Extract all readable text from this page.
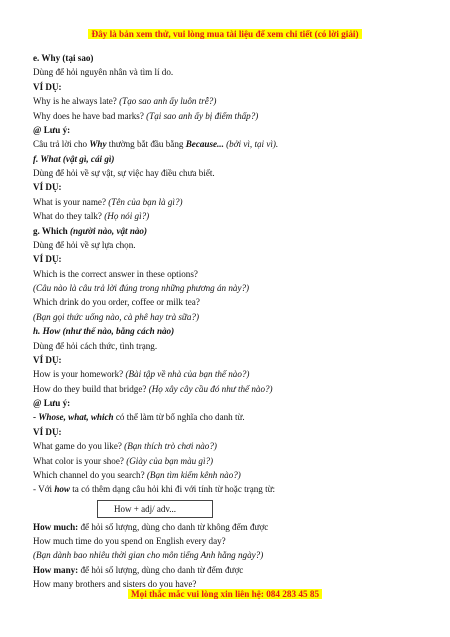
Đây là bản xem thử, vui lòng mua tài liệu để xem chi tiết (có lời giải)
e. Why (tại sao)
Dùng để hỏi nguyên nhân và tìm lí do.
VÍ DỤ:
Why is he always late? (Tạo sao anh ấy luôn trễ?)
Why does he have bad marks? (Tại sao anh ấy bị điểm thấp?)
@ Lưu ý:
Câu trả lời cho Why thường bắt đầu bằng Because... (bởi vì, tại vì).
f. What (vật gì, cái gì)
Dùng để hỏi về sự vật, sự việc hay điều chưa biết.
VÍ DỤ:
What is your name? (Tên của bạn là gì?)
What do they talk? (Họ nói gì?)
g. Which (người nào, vật nào)
Dùng để hỏi về sự lựa chọn.
VÍ DỤ:
Which is the correct answer in these options?
(Câu nào là câu trả lời đúng trong những phương án này?)
Which drink do you order, coffee or milk tea?
(Bạn gọi thức uống nào, cà phê hay trà sữa?)
h. How (như thế nào, bằng cách nào)
Dùng để hỏi cách thức, tình trạng.
VÍ DỤ:
How is your homework? (Bài tập về nhà của bạn thế nào?)
How do they build that bridge? (Họ xây cây cầu đó như thế nào?)
@ Lưu ý:
- Whose, what, which có thể làm từ bổ nghĩa cho danh từ.
VÍ DỤ:
What game do you like? (Bạn thích trò chơi nào?)
What color is your shoe? (Giày của bạn màu gì?)
Which channel do you search? (Bạn tìm kiếm kênh nào?)
- Với how ta có thêm dạng câu hỏi khi đi với tính từ hoặc trạng từ:
How + adj/ adv...
How much: để hỏi số lượng, dùng cho danh từ không đếm được
How much time do you spend on English every day?
(Bạn dành bao nhiêu thời gian cho môn tiếng Anh hằng ngày?)
How many: để hỏi số lượng, dùng cho danh từ đếm được
How many brothers and sisters do you have?
Mọi thắc mắc vui lòng xin liên hệ: 084 283 45 85
